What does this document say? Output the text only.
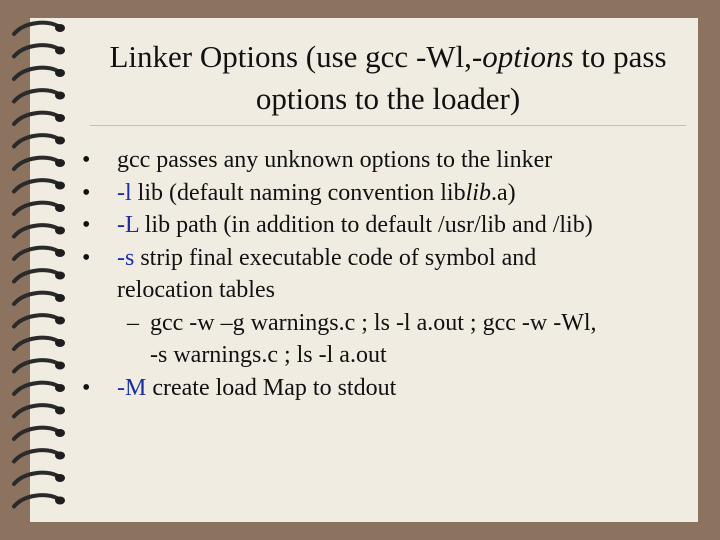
Linker Options (use gcc -Wl,-options to pass options to the loader)
•	gcc passes any unknown options to the linker
•	-l lib (default naming convention liblib.a)
•	-L lib path (in addition to default /usr/lib and /lib)
•	-s strip final executable code of symbol and
relocation tables
– gcc -w –g warnings.c ; ls -l a.out ; gcc -w -Wl,
-s warnings.c ; ls -l a.out
•	-M create load Map to stdout
